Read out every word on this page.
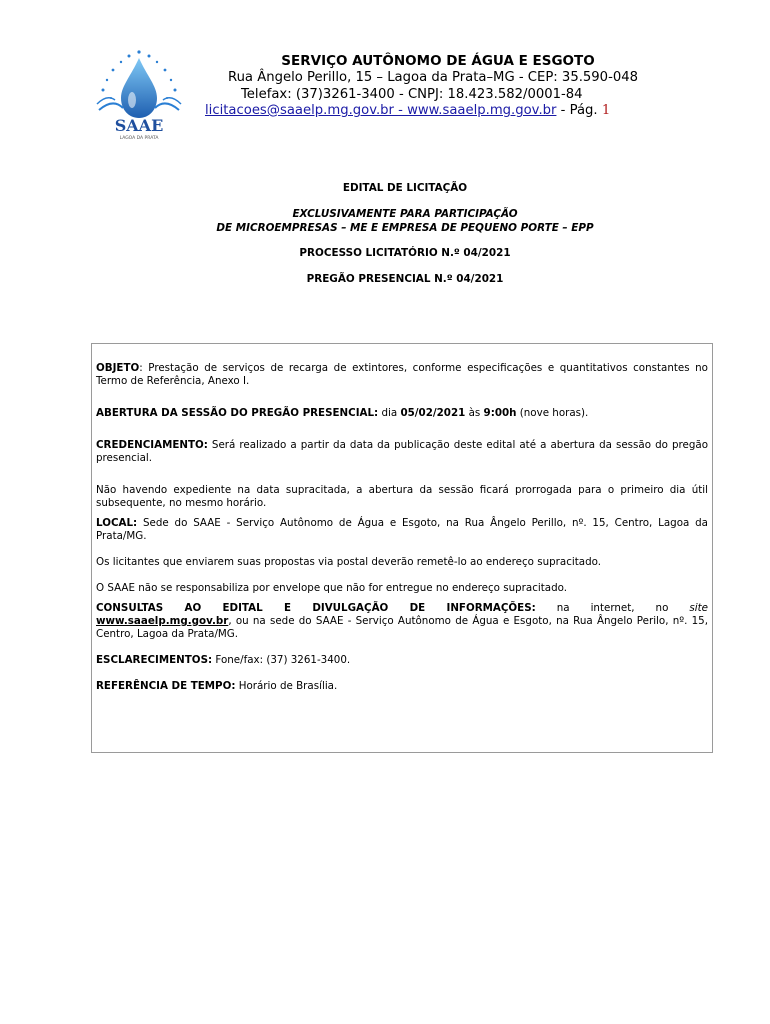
SAAE
LAGOA DA PRATA
SERVIÇO AUTÔNOMO DE ÁGUA E ESGOTO
Rua Ângelo Perillo, 15 – Lagoa da Prata–MG - CEP: 35.590-048
Telefax: (37)3261-3400 - CNPJ: 18.423.582/0001-84
licitacoes@saaelp.mg.gov.br - www.saaelp.mg.gov.br - Pág. 1
EDITAL DE LICITAÇÃO
EXCLUSIVAMENTE PARA PARTICIPAÇÃO
DE MICROEMPRESAS – ME E EMPRESA DE PEQUENO PORTE – EPP
PROCESSO LICITATÓRIO N.º 04/2021
PREGÃO PRESENCIAL N.º 04/2021

OBJETO: Prestação de serviços de recarga de extintores, conforme especificações e quantitativos constantes no Termo de Referência, Anexo I.

ABERTURA DA SESSÃO DO PREGÃO PRESENCIAL: dia 05/02/2021 às 9:00h (nove horas).

CREDENCIAMENTO: Será realizado a partir da data da publicação deste edital até a abertura da sessão do pregão presencial.

Não havendo expediente na data supracitada, a abertura da sessão ficará prorrogada para o primeiro dia útil subsequente, no mesmo horário.

LOCAL: Sede do SAAE - Serviço Autônomo de Água e Esgoto, na Rua Ângelo Perillo, nº. 15, Centro, Lagoa da Prata/MG.

Os licitantes que enviarem suas propostas via postal deverão remetê-lo ao endereço supracitado.

O SAAE não se responsabiliza por envelope que não for entregue no endereço supracitado.

CONSULTAS AO EDITAL E DIVULGAÇÃO DE INFORMAÇÕES: na internet, no site www.saaelp.mg.gov.br, ou na sede do SAAE - Serviço Autônomo de Água e Esgoto, na Rua Ângelo Perilo, nº. 15, Centro, Lagoa da Prata/MG.

ESCLARECIMENTOS: Fone/fax: (37) 3261-3400.

REFERÊNCIA DE TEMPO: Horário de Brasília.
